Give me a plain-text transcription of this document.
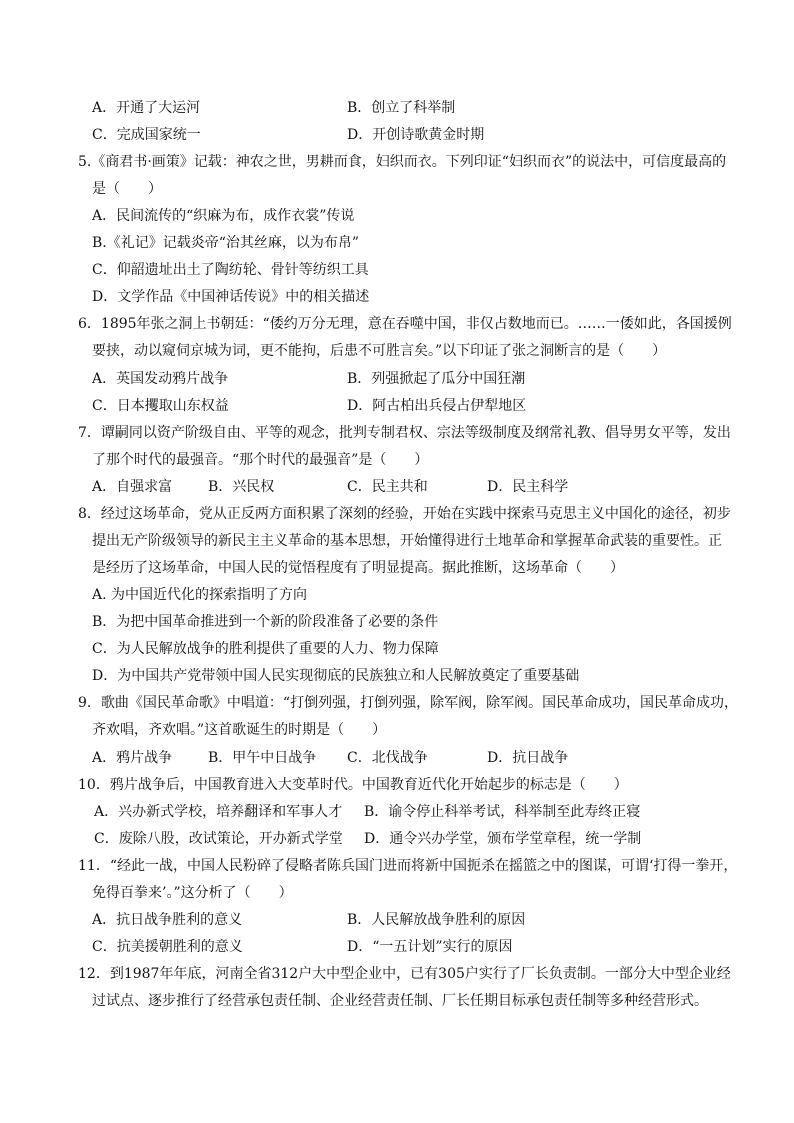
A．开通了大运河	B．创立了科举制
C．完成国家统一	D．开创诗歌黄金时期
5.《商君书·画策》记载：神农之世，男耕而食，妇织而衣。下列印证“妇织而衣”的说法中，可信度最高的
是（　　）
A．民间流传的“织麻为布，成作衣裳”传说
B.《礼记》记载炎帝“治其丝麻，以为布帛”
C．仰韶遗址出土了陶纺轮、骨针等纺织工具
D．文学作品《中国神话传说》中的相关描述
6．1895年张之洞上书朝廷：“倭约万分无理，意在吞噬中国，非仅占数地而已。……一倭如此，各国援例
要挟，动以窥伺京城为词，更不能拘，后患不可胜言矣。”以下印证了张之洞断言的是（　　）
A．英国发动鸦片战争	B．列强掀起了瓜分中国狂潮
C．日本攫取山东权益	D．阿古柏出兵侵占伊犁地区
7．谭嗣同以资产阶级自由、平等的观念，批判专制君权、宗法等级制度及纲常礼教、倡导男女平等，发出
了那个时代的最强音。“那个时代的最强音”是（　　）
A．自强求富	B．兴民权	C．民主共和	D．民主科学
8．经过这场革命，党从正反两方面积累了深刻的经验，开始在实践中探索马克思主义中国化的途径，初步
提出无产阶级领导的新民主主义革命的基本思想，开始懂得进行土地革命和掌握革命武装的重要性。正
是经历了这场革命，中国人民的觉悟程度有了明显提高。据此推断，这场革命（　　）
A. 为中国近代化的探索指明了方向
B．为把中国革命推进到一个新的阶段准备了必要的条件
C．为人民解放战争的胜利提供了重要的人力、物力保障
D．为中国共产党带领中国人民实现彻底的民族独立和人民解放奠定了重要基础
9．歌曲《国民革命歌》中唱道：“打倒列强，打倒列强，除军阀，除军阀。国民革命成功，国民革命成功，
齐欢唱，齐欢唱。”这首歌诞生的时期是（　　）
A．鸦片战争	B．甲午中日战争 C．北伐战争	D．抗日战争
10．鸦片战争后，中国教育进入大变革时代。中国教育近代化开始起步的标志是（　　）
A．兴办新式学校，培养翻译和军事人才 B．谕令停止科举考试，科举制至此寿终正寝
C．废除八股，改试策论，开办新式学堂 D．通令兴办学堂，颁布学堂章程，统一学制
11．“经此一战，中国人民粉碎了侵略者陈兵国门进而将新中国扼杀在摇篮之中的图谋，可谓‘打得一拳开，
免得百拳来’。”这分析了（　　）
A．抗日战争胜利的意义	B．人民解放战争胜利的原因
C．抗美援朝胜利的意义	D．“一五计划”实行的原因
12．到1987年年底，河南全省312户大中型企业中，已有305户实行了厂长负责制。一部分大中型企业经
过试点、逐步推行了经营承包责任制、企业经营责任制、厂长任期目标承包责任制等多种经营形式。
